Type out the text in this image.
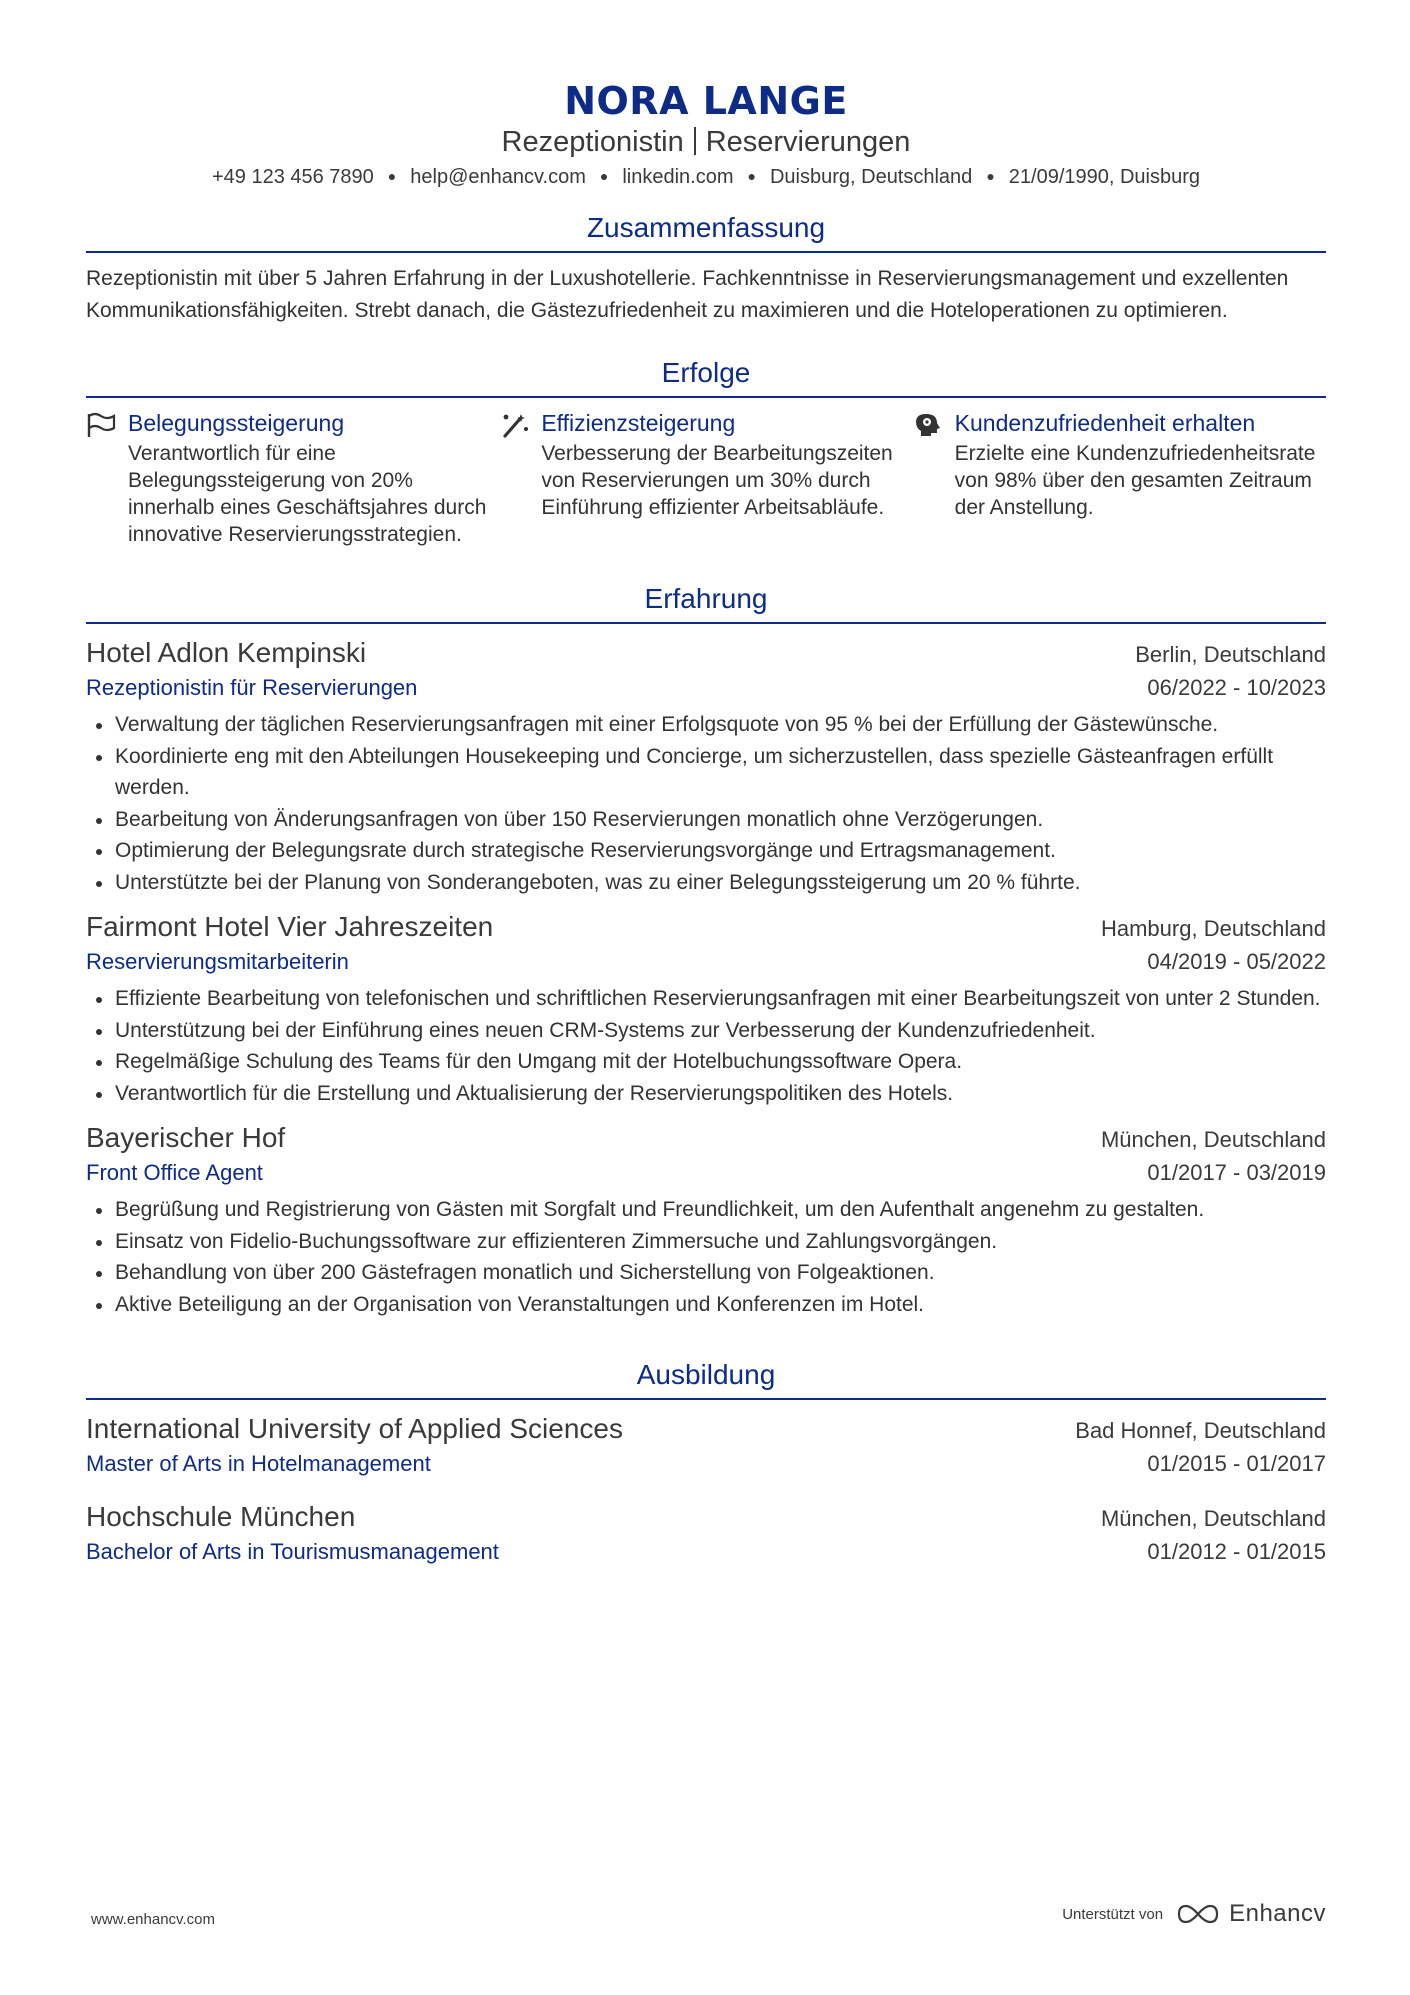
NORA LANGE
Rezeptionistin Reservierungen
+49 123 456 7890 ● help@enhancv.com ● linkedin.com ● Duisburg, Deutschland ● 21/09/1990, Duisburg
Zusammenfassung

Rezeptionistin mit über 5 Jahren Erfahrung in der Luxushotellerie. Fachkenntnisse in Reservierungsmanagement und exzellenten Kommunikationsfähigkeiten. Strebt danach, die Gästezufriedenheit zu maximieren und die Hoteloperationen zu optimieren.

Erfolge
Belegungssteigerung
Verantwortlich für eine Belegungssteigerung von 20% innerhalb eines Geschäftsjahres durch innovative Reservierungsstrategien.
Effizienzsteigerung
Verbesserung der Bearbeitungszeiten von Reservierungen um 30% durch Einführung effizienter Arbeitsabläufe.
Kundenzufriedenheit erhalten
Erzielte eine Kundenzufriedenheitsrate von 98% über den gesamten Zeitraum der Anstellung.
Erfahrung
Hotel Adlon Kempinski	Berlin, Deutschland
Rezeptionistin für Reservierungen	06/2022 - 10/2023
Verwaltung der täglichen Reservierungsanfragen mit einer Erfolgsquote von 95 % bei der Erfüllung der Gästewünsche.
Koordinierte eng mit den Abteilungen Housekeeping und Concierge, um sicherzustellen, dass spezielle Gästeanfragen erfüllt werden.
Bearbeitung von Änderungsanfragen von über 150 Reservierungen monatlich ohne Verzögerungen.
Optimierung der Belegungsrate durch strategische Reservierungsvorgänge und Ertragsmanagement.
Unterstützte bei der Planung von Sonderangeboten, was zu einer Belegungssteigerung um 20 % führte.
Fairmont Hotel Vier Jahreszeiten	Hamburg, Deutschland
Reservierungsmitarbeiterin	04/2019 - 05/2022
Effiziente Bearbeitung von telefonischen und schriftlichen Reservierungsanfragen mit einer Bearbeitungszeit von unter 2 Stunden.
Unterstützung bei der Einführung eines neuen CRM-Systems zur Verbesserung der Kundenzufriedenheit.
Regelmäßige Schulung des Teams für den Umgang mit der Hotelbuchungssoftware Opera.
Verantwortlich für die Erstellung und Aktualisierung der Reservierungspolitiken des Hotels.
Bayerischer Hof	München, Deutschland
Front Office Agent	01/2017 - 03/2019
Begrüßung und Registrierung von Gästen mit Sorgfalt und Freundlichkeit, um den Aufenthalt angenehm zu gestalten.
Einsatz von Fidelio-Buchungssoftware zur effizienteren Zimmersuche und Zahlungsvorgängen.
Behandlung von über 200 Gästefragen monatlich und Sicherstellung von Folgeaktionen.
Aktive Beteiligung an der Organisation von Veranstaltungen und Konferenzen im Hotel.
Ausbildung
International University of Applied Sciences	Bad Honnef, Deutschland
Master of Arts in Hotelmanagement	01/2015 - 01/2017
Hochschule München	München, Deutschland
Bachelor of Arts in Tourismusmanagement	01/2012 - 01/2015
www.enhancv.com	Unterstützt von	Enhancv
